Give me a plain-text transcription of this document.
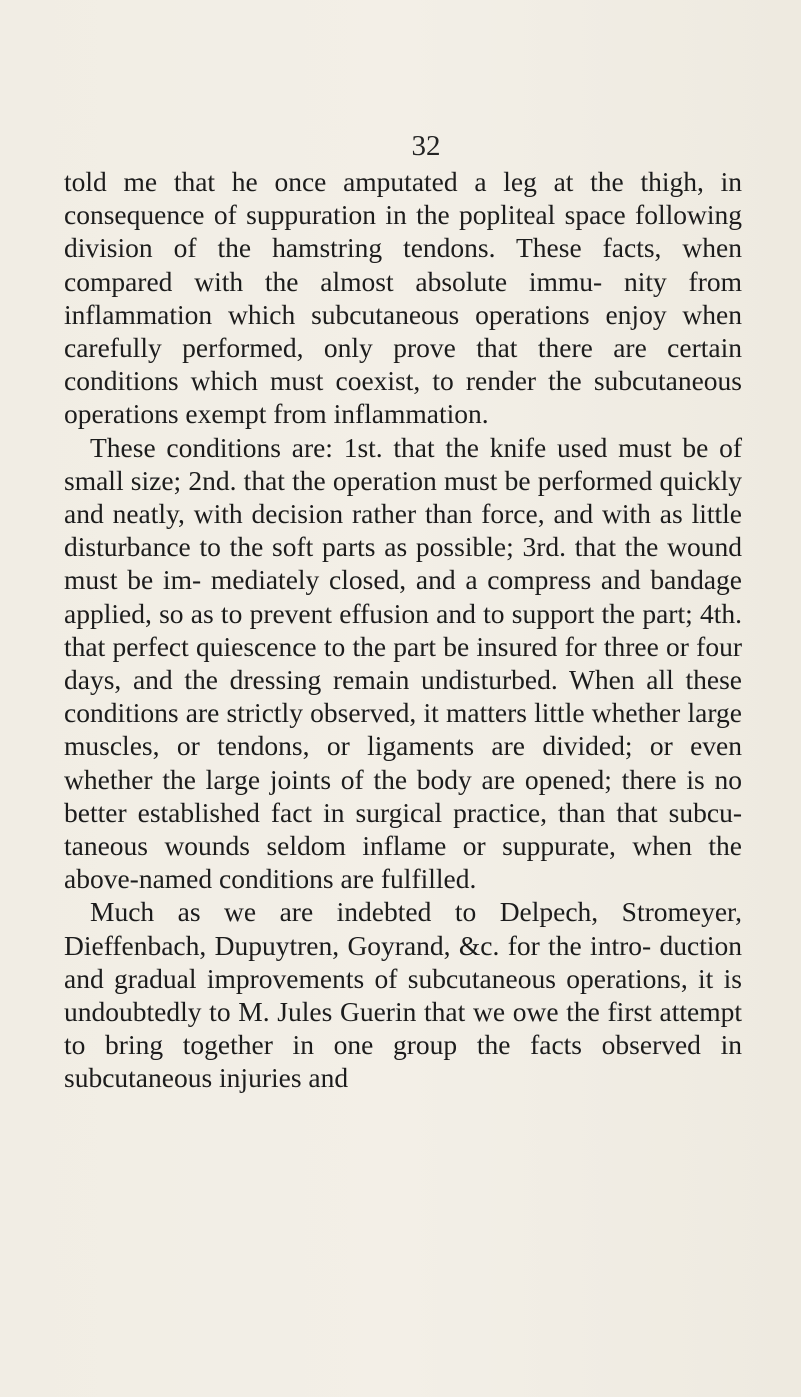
32

told me that he once amputated a leg at the thigh, in consequence of suppuration in the popliteal space following division of the hamstring tendons. These facts, when compared with the almost absolute immu- nity from inflammation which subcutaneous operations enjoy when carefully performed, only prove that there are certain conditions which must coexist, to render the subcutaneous operations exempt from inflammation.

These conditions are: 1st. that the knife used must be of small size; 2nd. that the operation must be performed quickly and neatly, with decision rather than force, and with as little disturbance to the soft parts as possible; 3rd. that the wound must be im- mediately closed, and a compress and bandage applied, so as to prevent effusion and to support the part; 4th. that perfect quiescence to the part be insured for three or four days, and the dressing remain undisturbed. When all these conditions are strictly observed, it matters little whether large muscles, or tendons, or ligaments are divided; or even whether the large joints of the body are opened; there is no better established fact in surgical practice, than that subcu- taneous wounds seldom inflame or suppurate, when the above-named conditions are fulfilled.

Much as we are indebted to Delpech, Stromeyer, Dieffenbach, Dupuytren, Goyrand, &c. for the intro- duction and gradual improvements of subcutaneous operations, it is undoubtedly to M. Jules Guerin that we owe the first attempt to bring together in one group the facts observed in subcutaneous injuries and
